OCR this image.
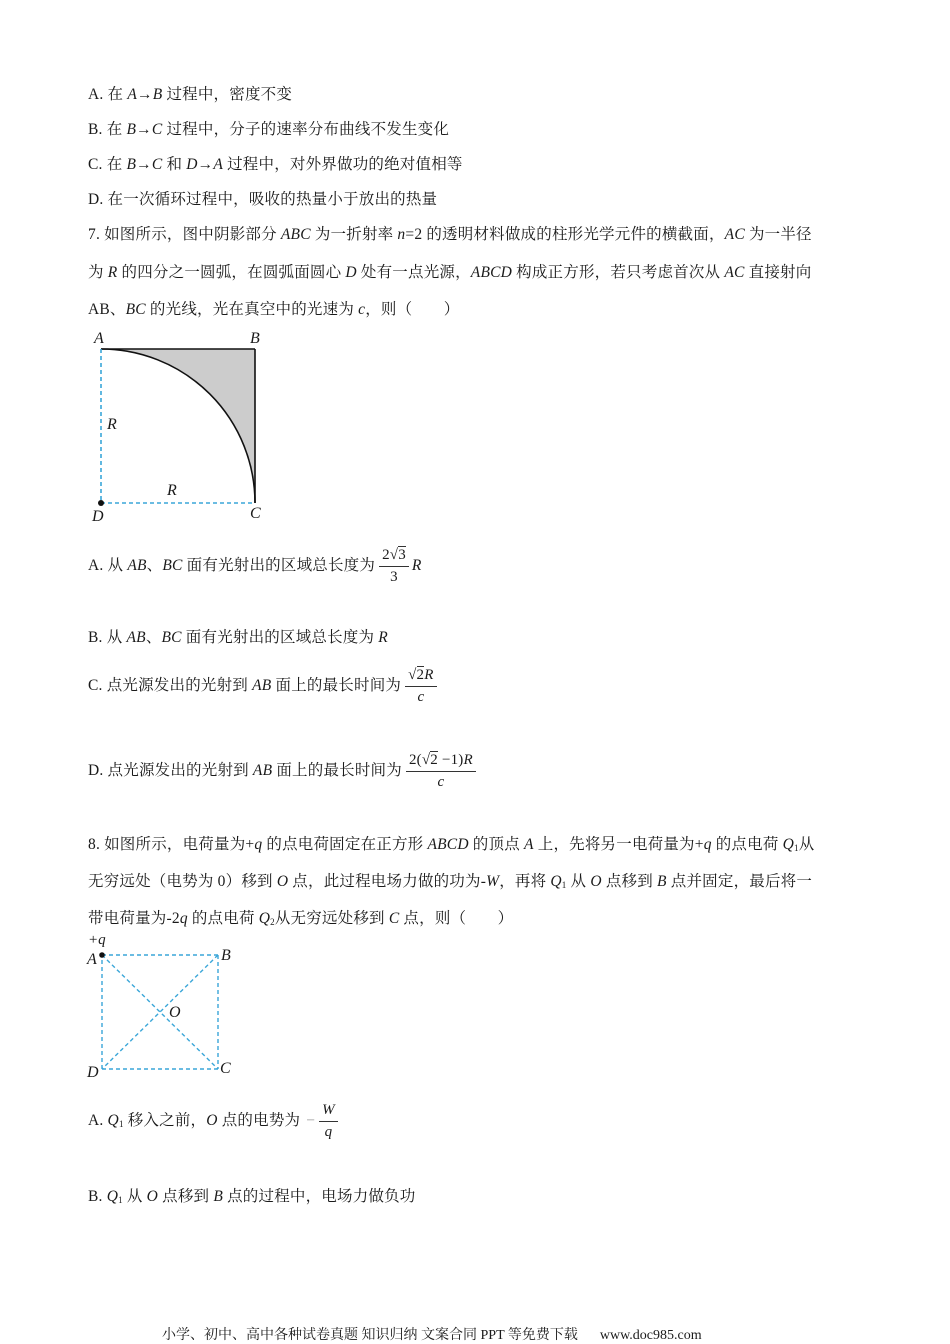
A. 在 A→B 过程中，密度不变
B. 在 B→C 过程中，分子的速率分布曲线不发生变化
C. 在 B→C 和 D→A 过程中，对外界做功的绝对值相等
D. 在一次循环过程中，吸收的热量小于放出的热量
7. 如图所示，图中阴影部分 ABC 为一折射率 n=2 的透明材料做成的柱形光学元件的横截面，AC 为一半径
为 R 的四分之一圆弧，在圆弧面圆心 D 处有一点光源，ABCD 构成正方形，若只考虑首次从 AC 直接射向
AB、BC 的光线，光在真空中的光速为 c，则（　　）
A	B
C
D
R
R
A. 从 AB、BC 面有光射出的区域总长度为 $\frac{2√3}{3}$ R
B. 从 AB、BC 面有光射出的区域总长度为 R
C. 点光源发出的光射到 AB 面上的最长时间为 $\frac{√2R}{c}$
D. 点光源发出的光射到 AB 面上的最长时间为 $\frac{2(√2 -1)R}{c}$
8. 如图所示，电荷量为+q 的点电荷固定在正方形 ABCD 的顶点 A 上，先将另一电荷量为+q 的点电荷 $Q_1$从
无穷远处（电势为 0）移到 O 点，此过程电场力做的功为-W，再将 $Q_1$ 从 O 点移到 B 点并固定，最后将一
带电荷量为-2q 的点电荷 $Q_2$从无穷远处移到 C 点，则（　　）
+q
A	B
C
D
O
A. $Q_1$ 移入之前，O 点的电势为 − $\frac{W}{q}$
B. $Q_1$ 从 O 点移到 B 点的过程中，电场力做负功
小学、初中、高中各种试卷真题 知识归纳 文案合同 PPT 等免费下载 www.doc985.com
